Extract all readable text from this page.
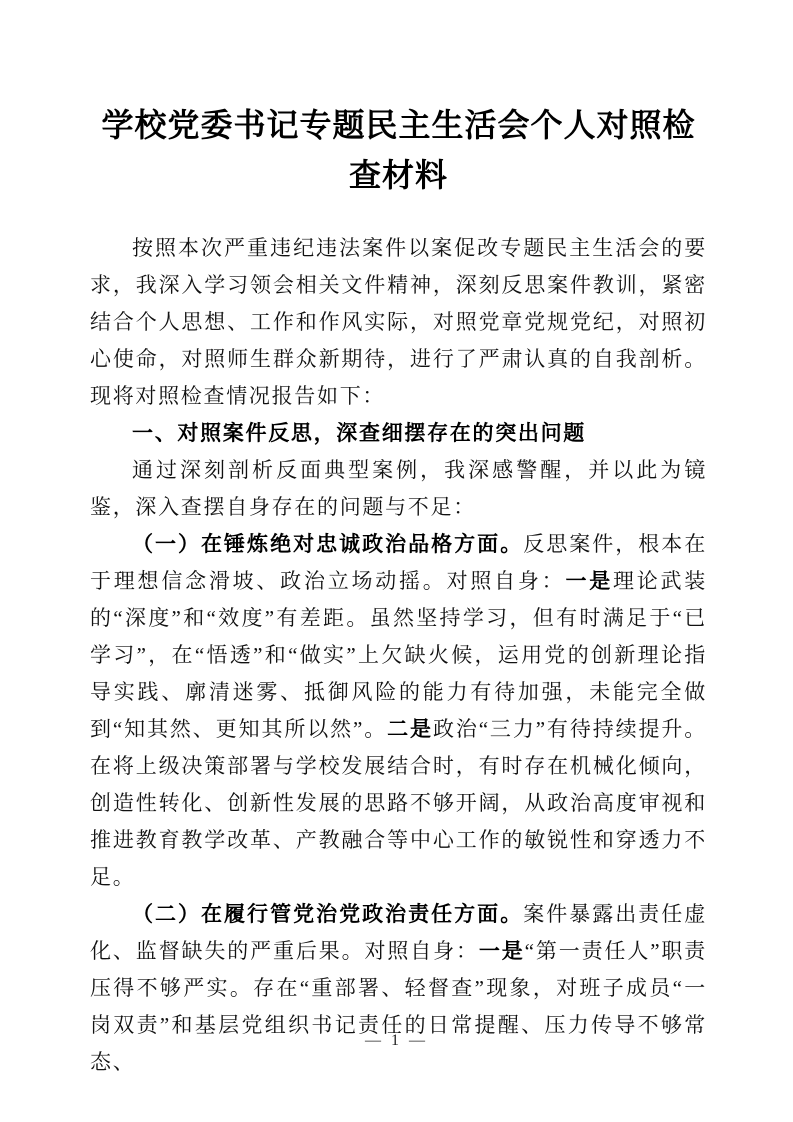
学校党委书记专题民主生活会个人对照检查材料

按照本次严重违纪违法案件以案促改专题民主生活会的要求，我深入学习领会相关文件精神，深刻反思案件教训，紧密结合个人思想、工作和作风实际，对照党章党规党纪，对照初心使命，对照师生群众新期待，进行了严肃认真的自我剖析。现将对照检查情况报告如下：

一、对照案件反思，深查细摆存在的突出问题

通过深刻剖析反面典型案例，我深感警醒，并以此为镜鉴，深入查摆自身存在的问题与不足：

（一）在锤炼绝对忠诚政治品格方面。反思案件，根本在于理想信念滑坡、政治立场动摇。对照自身：一是理论武装的“深度”和“效度”有差距。虽然坚持学习，但有时满足于“已学习”，在“悟透”和“做实”上欠缺火候，运用党的创新理论指导实践、廓清迷雾、抵御风险的能力有待加强，未能完全做到“知其然、更知其所以然”。二是政治“三力”有待持续提升。在将上级决策部署与学校发展结合时，有时存在机械化倾向，创造性转化、创新性发展的思路不够开阔，从政治高度审视和推进教育教学改革、产教融合等中心工作的敏锐性和穿透力不足。

（二）在履行管党治党政治责任方面。案件暴露出责任虚化、监督缺失的严重后果。对照自身：一是“第一责任人”职责压得不够严实。存在“重部署、轻督查”现象，对班子成员“一岗双责”和基层党组织书记责任的日常提醒、压力传导不够常态、

— 1 —
